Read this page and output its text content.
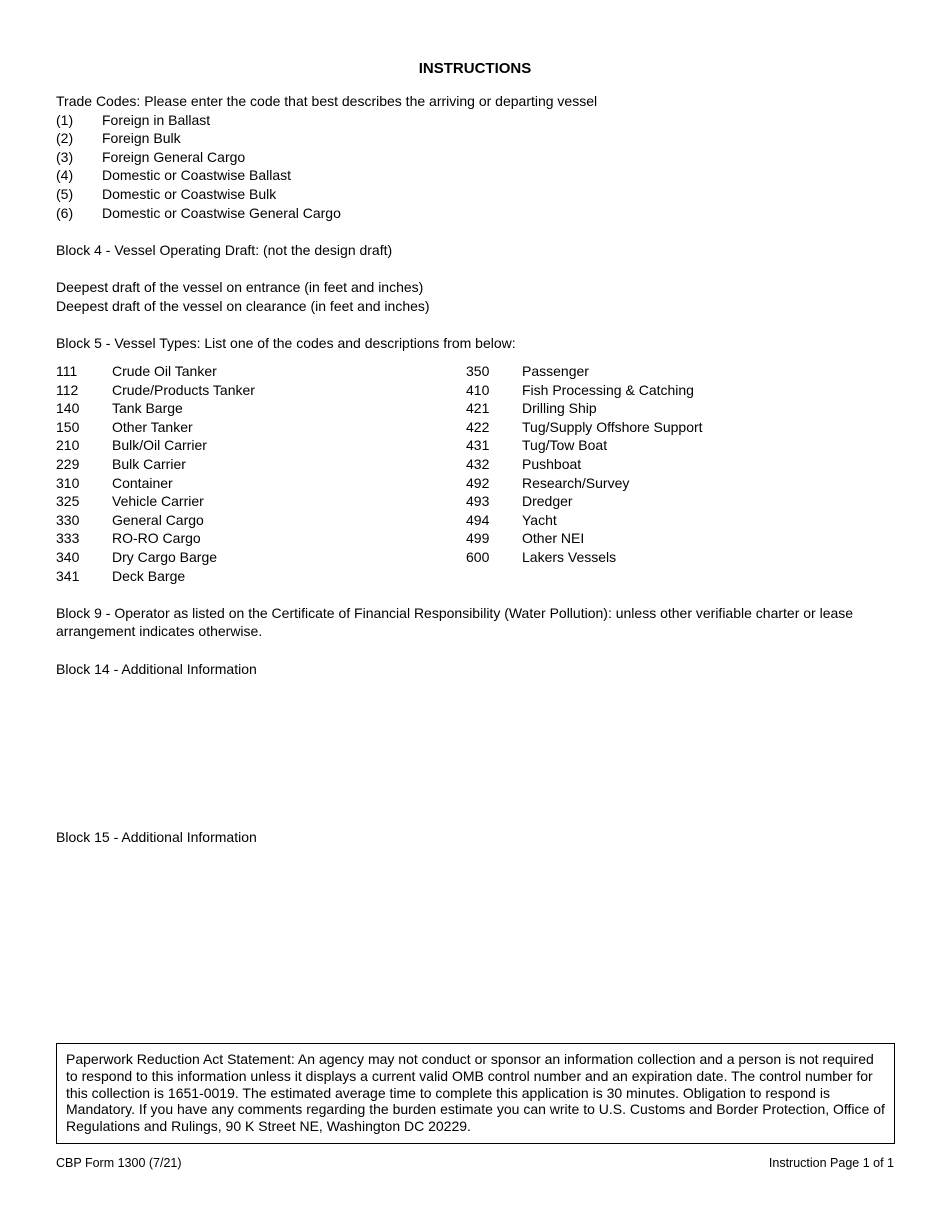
INSTRUCTIONS
Trade Codes: Please enter the code that best describes the arriving or departing vessel
(1) Foreign in Ballast
(2) Foreign Bulk
(3) Foreign General Cargo
(4) Domestic or Coastwise Ballast
(5) Domestic or Coastwise Bulk
(6) Domestic or Coastwise General Cargo
Block 4 - Vessel Operating Draft: (not the design draft)
Deepest draft of the vessel on entrance (in feet and inches)
Deepest draft of the vessel on clearance (in feet and inches)
Block 5 - Vessel Types: List one of the codes and descriptions from below:
111 Crude Oil Tanker
112 Crude/Products Tanker
140 Tank Barge
150 Other Tanker
210 Bulk/Oil Carrier
229 Bulk Carrier
310 Container
325 Vehicle Carrier
330 General Cargo
333 RO-RO Cargo
340 Dry Cargo Barge
341 Deck Barge
350 Passenger
410 Fish Processing & Catching
421 Drilling Ship
422 Tug/Supply Offshore Support
431 Tug/Tow Boat
432 Pushboat
492 Research/Survey
493 Dredger
494 Yacht
499 Other NEI
600 Lakers Vessels
Block 9 - Operator as listed on the Certificate of Financial Responsibility (Water Pollution): unless other verifiable charter or lease arrangement indicates otherwise.
Block 14 - Additional Information
Block 15 - Additional Information
Paperwork Reduction Act Statement: An agency may not conduct or sponsor an information collection and a person is not required to respond to this information unless it displays a current valid OMB control number and an expiration date. The control number for this collection is 1651-0019. The estimated average time to complete this application is 30 minutes. Obligation to respond is Mandatory. If you have any comments regarding the burden estimate you can write to U.S. Customs and Border Protection, Office of Regulations and Rulings, 90 K Street NE, Washington DC 20229.
CBP Form 1300 (7/21)	Instruction Page 1 of 1
